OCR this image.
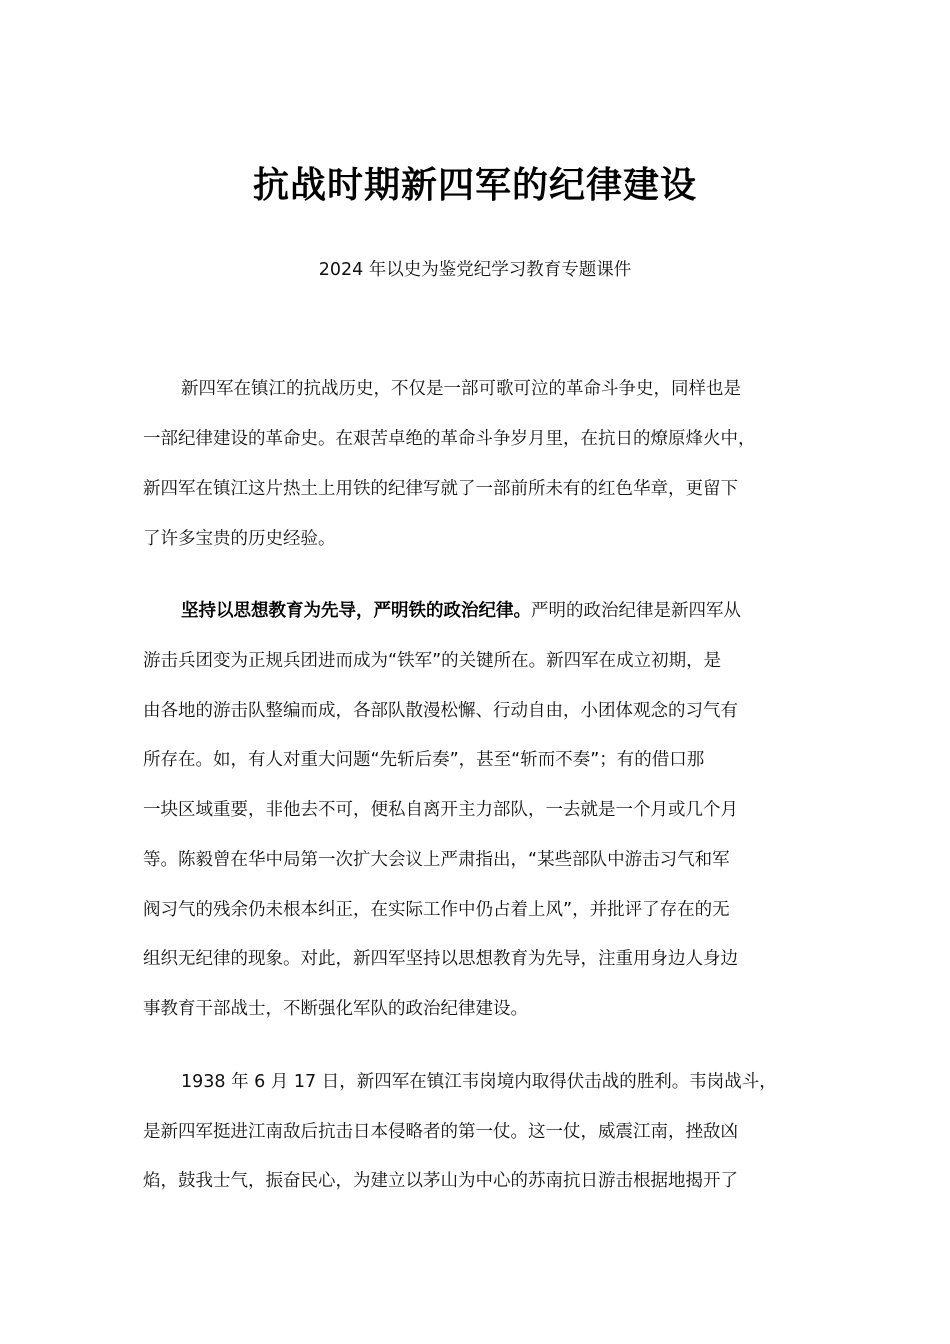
抗战时期新四军的纪律建设

2024 年以史为鉴党纪学习教育专题课件

新四军在镇江的抗战历史，不仅是一部可歌可泣的革命斗争史，同样也是
一部纪律建设的革命史。在艰苦卓绝的革命斗争岁月里，在抗日的燎原烽火中，
新四军在镇江这片热土上用铁的纪律写就了一部前所未有的红色华章，更留下
了许多宝贵的历史经验。
坚持以思想教育为先导，严明铁的政治纪律。严明的政治纪律是新四军从
游击兵团变为正规兵团进而成为“铁军”的关键所在。新四军在成立初期，是
由各地的游击队整编而成，各部队散漫松懈、行动自由，小团体观念的习气有
所存在。如，有人对重大问题“先斩后奏”，甚至“斩而不奏”；有的借口那
一块区域重要，非他去不可，便私自离开主力部队，一去就是一个月或几个月
等。陈毅曾在华中局第一次扩大会议上严肃指出，“某些部队中游击习气和军
阀习气的残余仍未根本纠正，在实际工作中仍占着上风”，并批评了存在的无
组织无纪律的现象。对此，新四军坚持以思想教育为先导，注重用身边人身边
事教育干部战士，不断强化军队的政治纪律建设。
1938 年 6 月 17 日，新四军在镇江韦岗境内取得伏击战的胜利。韦岗战斗，
是新四军挺进江南敌后抗击日本侵略者的第一仗。这一仗，威震江南，挫敌凶
焰，鼓我士气，振奋民心，为建立以茅山为中心的苏南抗日游击根据地揭开了
